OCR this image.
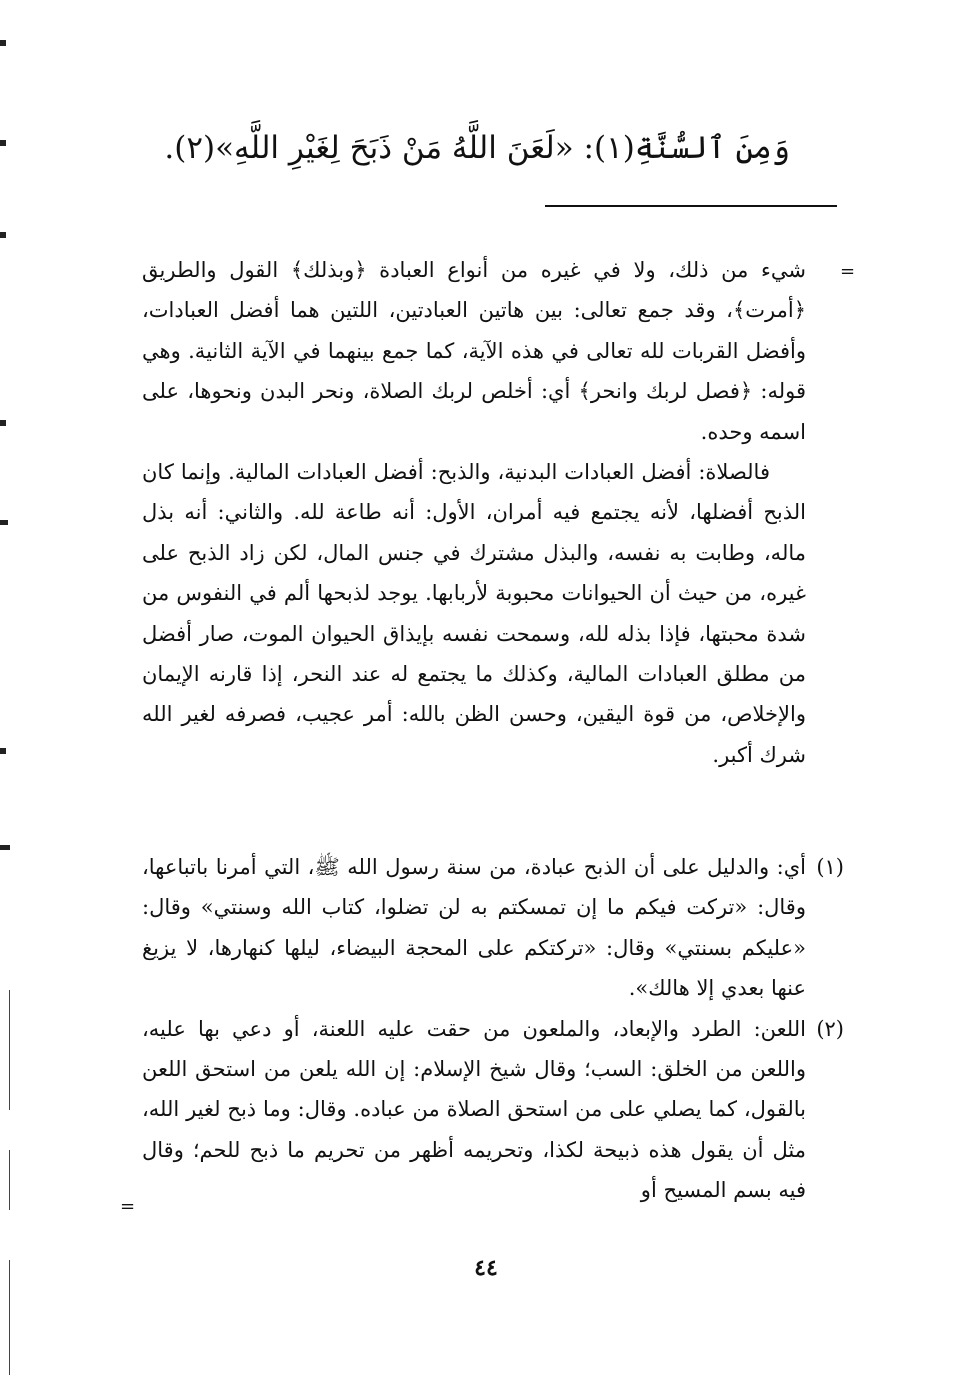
وَمِنَ ٱلسُّنَّةِ(١): «لَعَنَ اللَّهُ مَنْ ذَبَحَ لِغَيْرِ اللَّهِ»(٢).
=

شيء من ذلك، ولا في غيره من أنواع العبادة ﴿وبذلك﴾ القول والطريق ﴿أمرت﴾، وقد جمع تعالى: بين هاتين العبادتين، اللتين هما أفضل العبادات، وأفضل القربات لله تعالى في هذه الآية، كما جمع بينهما في الآية الثانية. وهي قوله: ﴿فصل لربك وانحر﴾ أي: أخلص لربك الصلاة، ونحر البدن ونحوها، على اسمه وحده.

فالصلاة: أفضل العبادات البدنية، والذبح: أفضل العبادات المالية. وإنما كان الذبح أفضلها، لأنه يجتمع فيه أمران، الأول: أنه طاعة لله. والثاني: أنه بذل ماله، وطابت به نفسه، والبذل مشترك في جنس المال، لكن زاد الذبح على غيره، من حيث أن الحيوانات محبوبة لأربابها. يوجد لذبحها ألم في النفوس من شدة محبتها، فإذا بذله لله، وسمحت نفسه بإيذاق الحيوان الموت، صار أفضل من مطلق العبادات المالية، وكذلك ما يجتمع له عند النحر، إذا قارنه الإيمان والإخلاص، من قوة اليقين، وحسن الظن بالله: أمر عجيب، فصرفه لغير الله شرك أكبر.

(١)
أي: والدليل على أن الذبح عبادة، من سنة رسول الله ﷺ، التي أمرنا باتباعها، وقال: «تركت فيكم ما إن تمسكتم به لن تضلوا، كتاب الله وسنتي» وقال: «عليكم بسنتي» وقال: «تركتكم على المحجة البيضاء، ليلها كنهارها، لا يزيغ عنها بعدي إلا هالك».
(٢)
اللعن: الطرد والإبعاد، والملعون من حقت عليه اللعنة، أو دعي بها عليه، واللعن من الخلق: السب؛ وقال شيخ الإسلام: إن الله يلعن من استحق اللعن بالقول، كما يصلي على من استحق الصلاة من عباده. وقال: وما ذبح لغير الله، مثل أن يقول هذه ذبيحة لكذا، وتحريمه أظهر من تحريم ما ذبح للحم؛ وقال فيه بسم المسيح أو
=
٤٤
